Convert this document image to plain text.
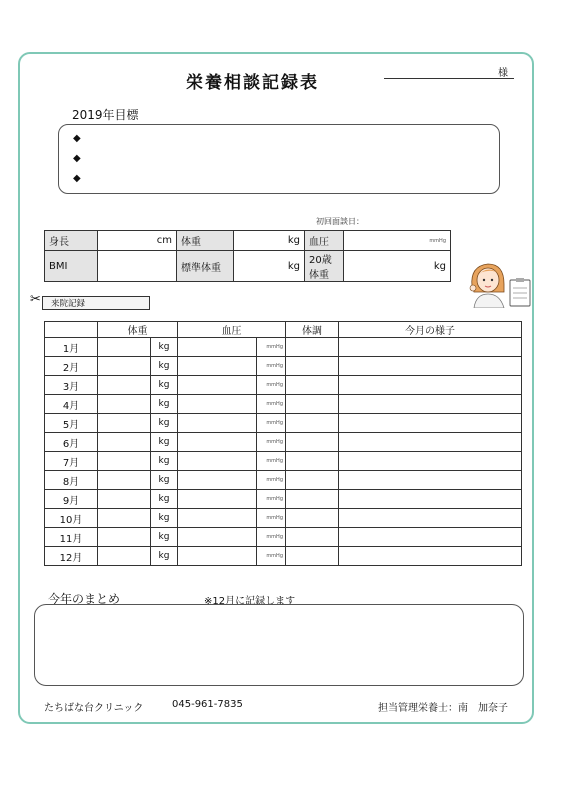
栄養相談記録表	様
2019年目標
◆
◆
◆
初回面談日：
身長	cm	体重	kg	血圧	mmHg
BMI		標準体重	kg	20歳体重	kg
✂	来院記録
	体重		血圧		体調	今月の様子
1月		kg		mmHg		
2月		kg		mmHg		
3月		kg		mmHg		
4月		kg		mmHg		
5月		kg		mmHg		
6月		kg		mmHg		
7月		kg		mmHg		
8月		kg		mmHg		
9月		kg		mmHg		
10月		kg		mmHg		
11月		kg		mmHg		
12月		kg		mmHg		
今年のまとめ	※12月に記録します
たちばな台クリニック	045-961-7835	担当管理栄養士：南　加奈子
